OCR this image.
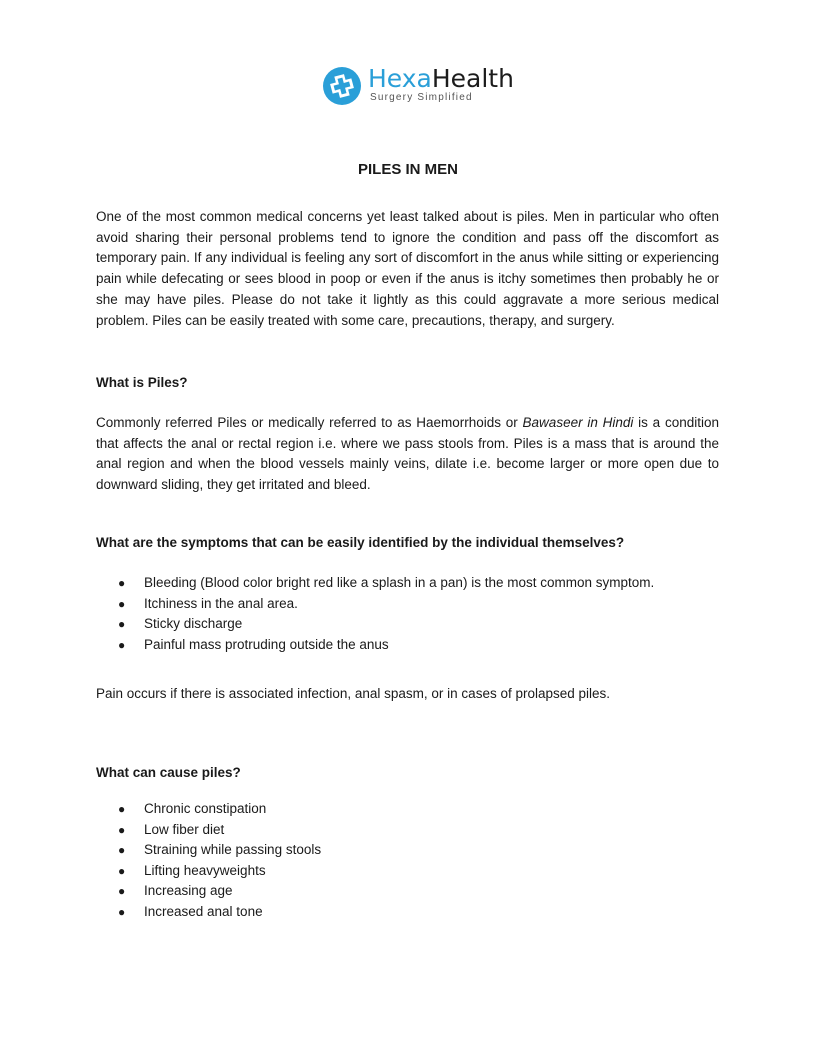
HexaHealth
Surgery Simplified
PILES IN MEN

One of the most common medical concerns yet least talked about is piles. Men in particular who often avoid sharing their personal problems tend to ignore the condition and pass off the discomfort as temporary pain. If any individual is feeling any sort of discomfort in the anus while sitting or experiencing pain while defecating or sees blood in poop or even if the anus is itchy sometimes then probably he or she may have piles. Please do not take it lightly as this could aggravate a more serious medical problem. Piles can be easily treated with some care, precautions, therapy, and surgery.

What is Piles?

Commonly referred Piles or medically referred to as Haemorrhoids or Bawaseer in Hindi is a condition that affects the anal or rectal region i.e. where we pass stools from. Piles is a mass that is around the anal region and when the blood vessels mainly veins, dilate i.e. become larger or more open due to downward sliding, they get irritated and bleed.

What are the symptoms that can be easily identified by the individual themselves?

● Bleeding (Blood color bright red like a splash in a pan) is the most common symptom.
● Itchiness in the anal area.
● Sticky discharge
● Painful mass protruding outside the anus

Pain occurs if there is associated infection, anal spasm, or in cases of prolapsed piles.

What can cause piles?

● Chronic constipation
● Low fiber diet
● Straining while passing stools
● Lifting heavyweights
● Increasing age
● Increased anal tone
